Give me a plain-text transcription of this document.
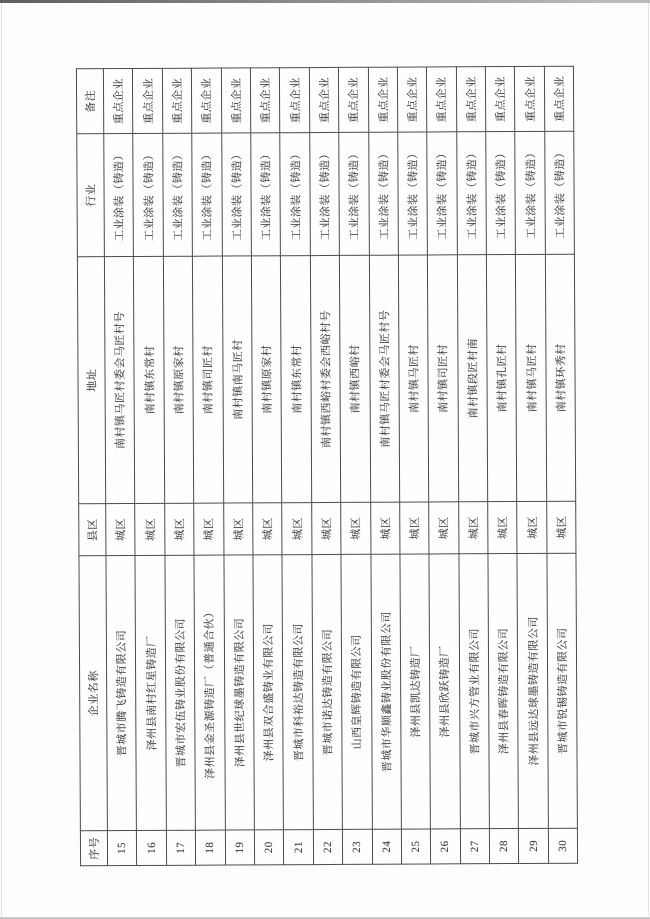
序号	企业名称	县区	地址	行业	备注
15	晋城市腾飞铸造有限公司	城区	南村镇马匠村委会马匠村号	工业涂装（铸造）	重点企业
16	泽州县南村红星铸造厂	城区	南村镇东常村	工业涂装（铸造）	重点企业
17	晋城市宏伍铸业股份有限公司	城区	南村镇原家村	工业涂装（铸造）	重点企业
18	泽州县金圣源铸造厂（普通合伙）	城区	南村镇司匠村	工业涂装（铸造）	重点企业
19	泽州县世纪球墨铸造有限公司	城区	南村镇南马匠村	工业涂装（铸造）	重点企业
20	泽州县双合盛铸业有限公司	城区	南村镇原家村	工业涂装（铸造）	重点企业
21	晋城市科裕达铸造有限公司	城区	南村镇东常村	工业涂装（铸造）	重点企业
22	晋城市诺达铸造有限公司	城区	南村镇西峪村委会西峪村号	工业涂装（铸造）	重点企业
23	山西皇辉铸造有限公司	城区	南村镇西峪村	工业涂装（铸造）	重点企业
24	晋城市华顺鑫铸业股份有限公司	城区	南村镇马匠村委会马匠村号	工业涂装（铸造）	重点企业
25	泽州县凯达铸造厂	城区	南村镇马匠村	工业涂装（铸造）	重点企业
26	泽州县欣跃铸造厂	城区	南村镇司匠村	工业涂装（铸造）	重点企业
27	晋城市兴方管业有限公司	城区	南村镇段匠村南	工业涂装（铸造）	重点企业
28	泽州县春晖铸造有限公司	城区	南村镇孔匠村	工业涂装（铸造）	重点企业
29	泽州县远达球墨铸造有限公司	城区	南村镇马匠村	工业涂装（铸造）	重点企业
30	晋城市锐锡铸造有限公司	城区	南村镇环秀村	工业涂装（铸造）	重点企业
